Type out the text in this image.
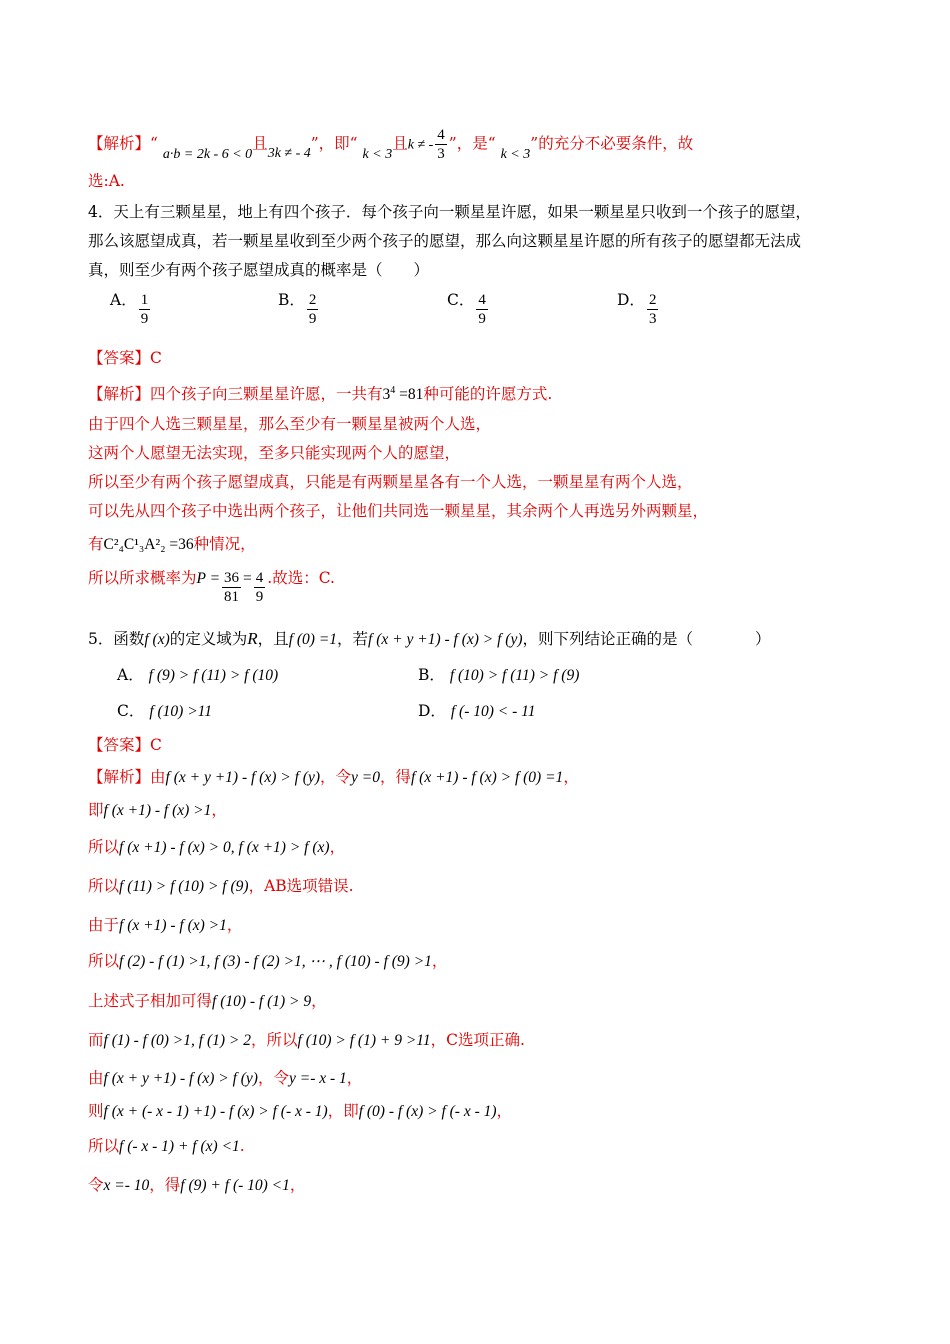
【解析】“ a·b = 2k - 6 < 0且3k ≠ - 4”，即“ k < 3且k ≠ - $\frac{4}{3}$ ”，是“ k < 3”的充分不必要条件，故
选:A.
4．天上有三颗星星，地上有四个孩子．每个孩子向一颗星星许愿，如果一颗星星只收到一个孩子的愿望，
那么该愿望成真，若一颗星星收到至少两个孩子的愿望，那么向这颗星星许愿的所有孩子的愿望都无法成
真，则至少有两个孩子愿望成真的概率是（　　）
A． $\frac{1}{9}$	B． $\frac{2}{9}$	C． $\frac{4}{9}$	D． $\frac{2}{3}$
【答案】C
【解析】四个孩子向三颗星星许愿，一共有$3^4 =81$种可能的许愿方式.
由于四个人选三颗星星，那么至少有一颗星星被两个人选，
这两个人愿望无法实现，至多只能实现两个人的愿望，
所以至少有两个孩子愿望成真，只能是有两颗星星各有一个人选，一颗星星有两个人选，
可以先从四个孩子中选出两个孩子，让他们共同选一颗星星，其余两个人再选另外两颗星，
有C²₄C¹₃A²₂ =36种情况，
所以所求概率为$P = \frac{36}{81} = \frac{4}{9}$ .故选：C.
5．函数f (x)的定义域为R，且f (0) =1，若f (x + y +1) - f (x) > f (y)，则下列结论正确的是（　　　　）
A． f (9) > f (11) > f (10)	B． f (10) > f (11) > f (9)
C． f (10) >11	D． f (- 10) < - 11
【答案】C
【解析】由f (x + y +1) - f (x) > f (y)，令y =0，得f (x +1) - f (x) > f (0) =1，
即f (x +1) - f (x) >1，
所以f (x +1) - f (x) > 0, f (x +1) > f (x)，
所以f (11) > f (10) > f (9)，AB选项错误.
由于f (x +1) - f (x) >1，
所以f (2) - f (1) >1, f (3) - f (2) >1, ⋯ , f (10) - f (9) >1，
上述式子相加可得f (10) - f (1) > 9，
而f (1) - f (0) >1, f (1) > 2，所以f (10) > f (1) + 9 >11，C选项正确.
由f (x + y +1) - f (x) > f (y)，令y =- x - 1，
则f (x + (- x - 1) +1) - f (x) > f (- x - 1)，即f (0) - f (x) > f (- x - 1)，
所以f (- x - 1) + f (x) <1.
令x =- 10，得f (9) + f (- 10) <1，
